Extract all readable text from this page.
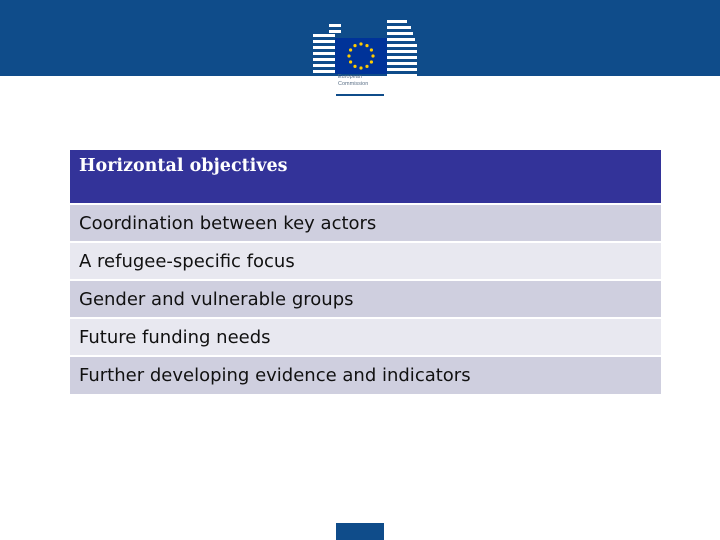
European
Commission
Horizontal objectives
Coordination between key actors
A refugee-specific focus
Gender and vulnerable groups
Future funding needs
Further developing evidence and indicators
